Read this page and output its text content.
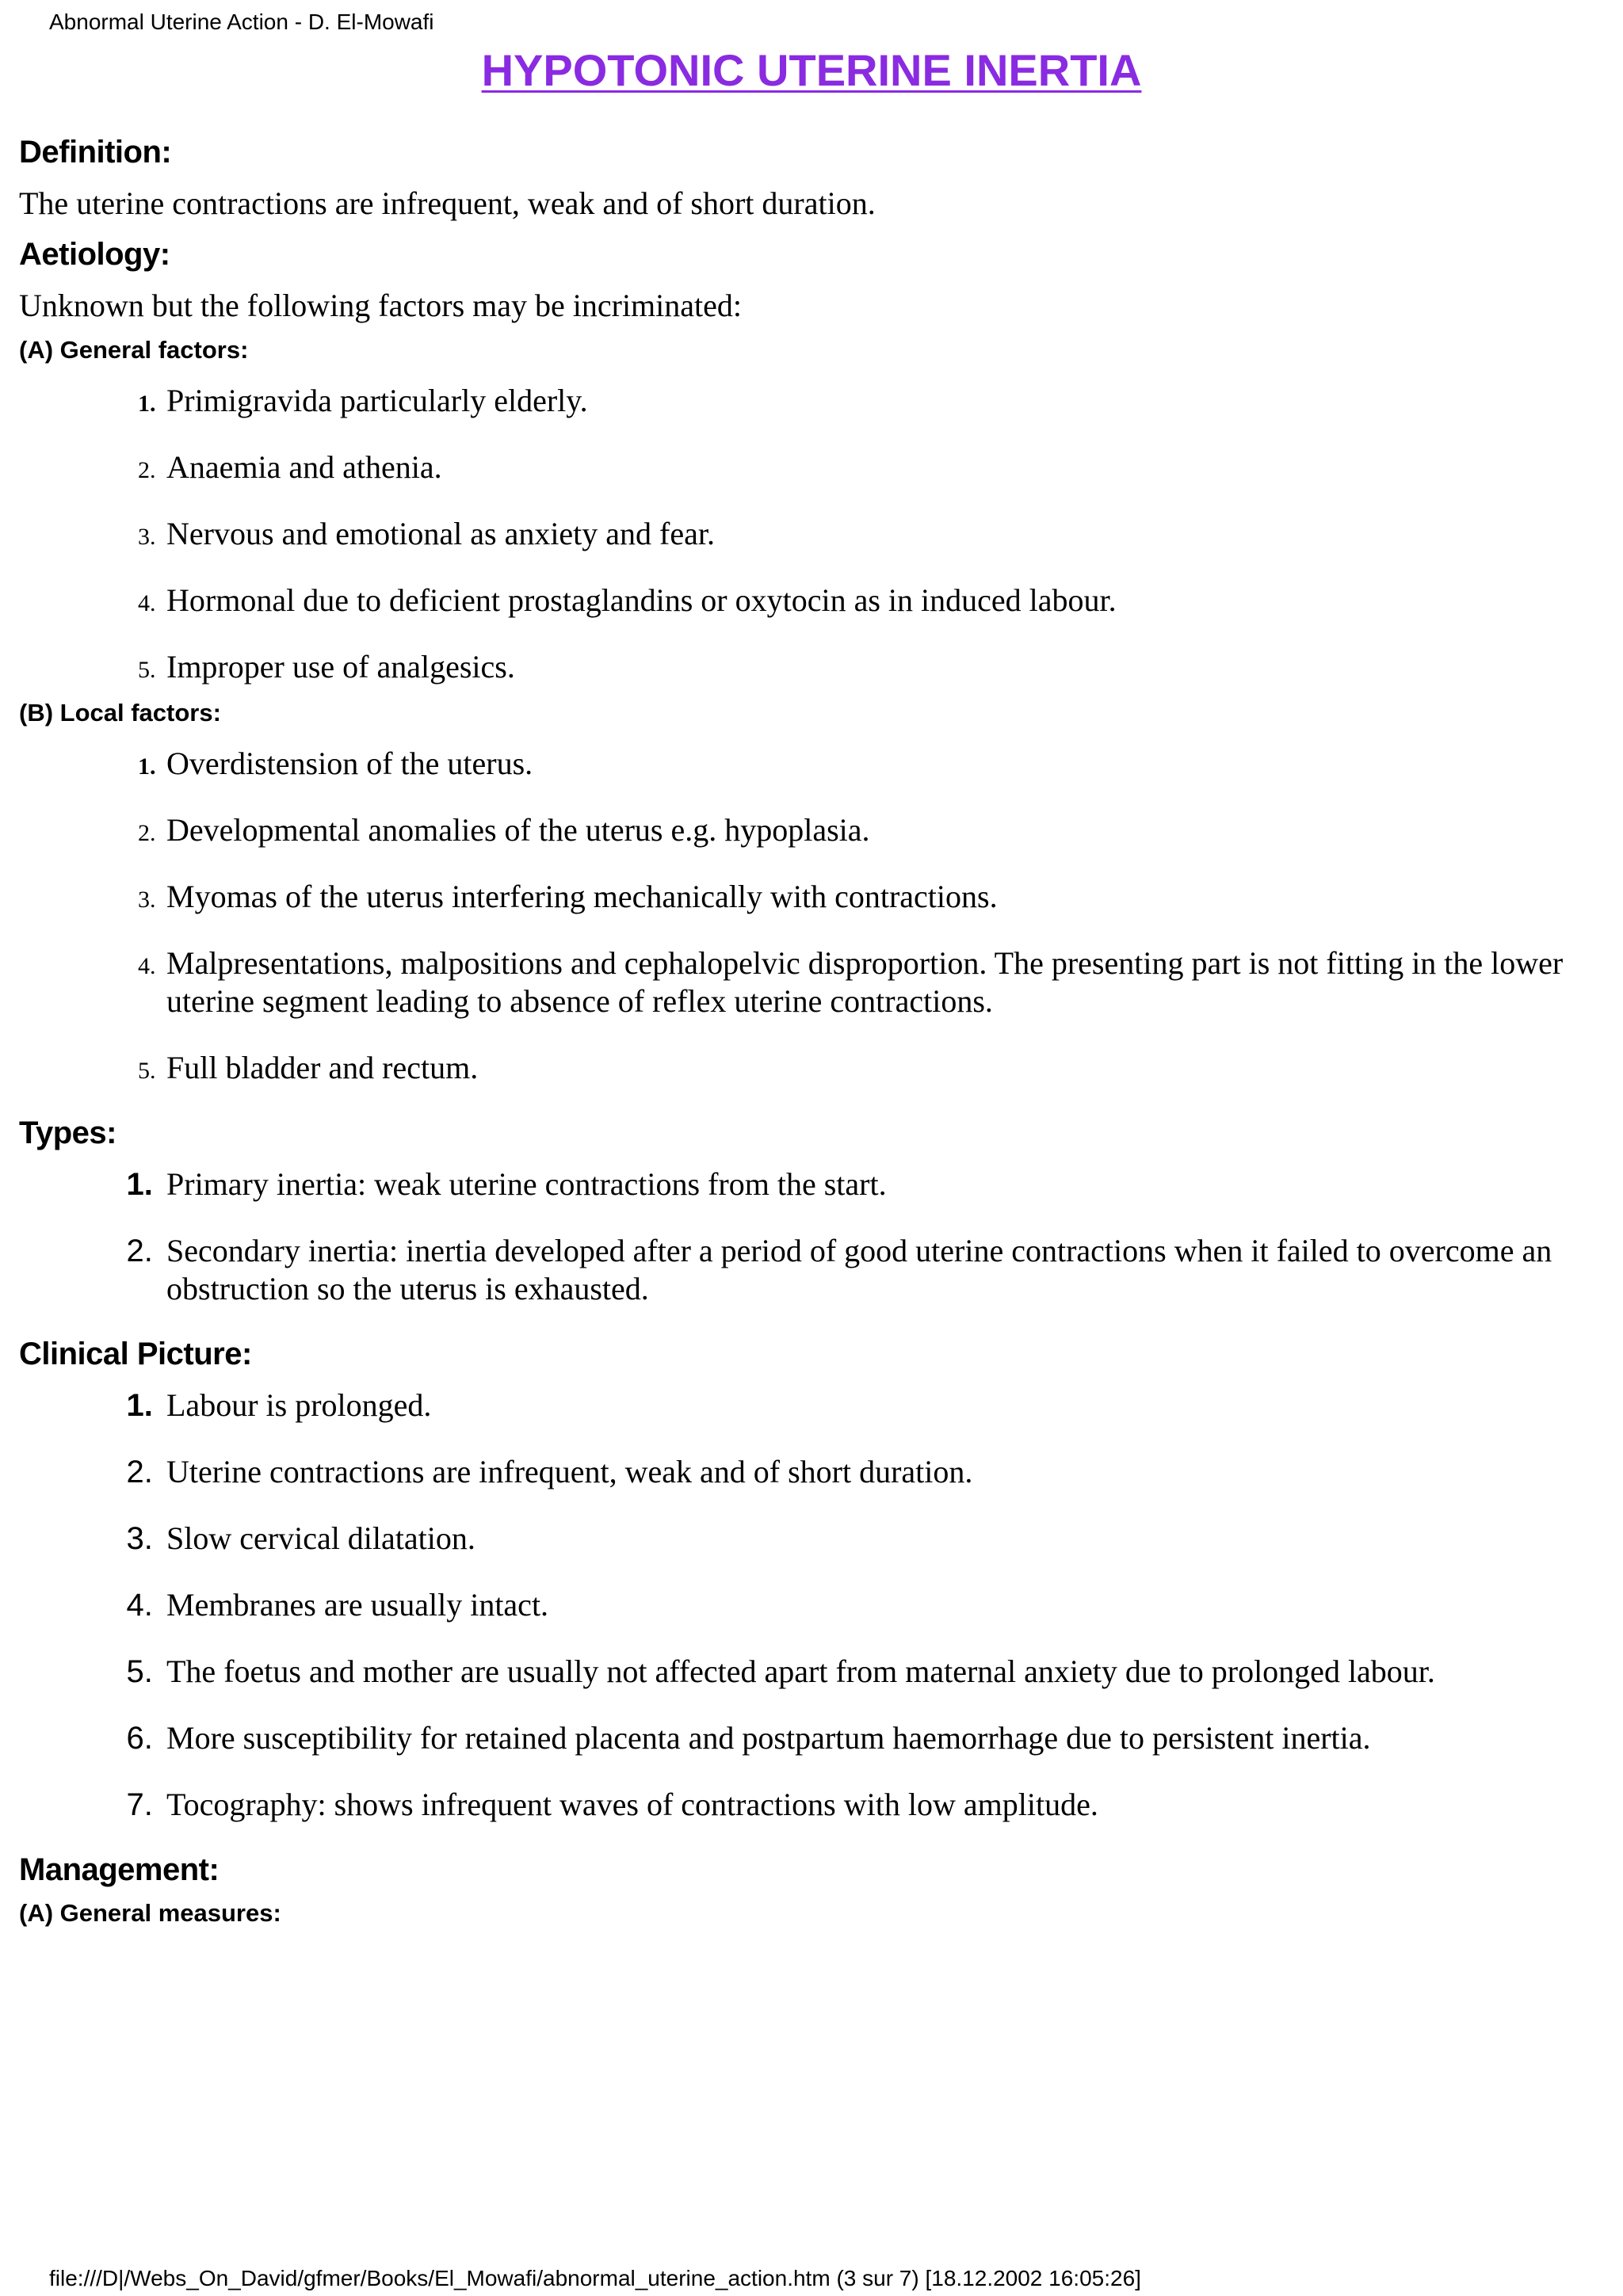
Abnormal Uterine Action - D. El-Mowafi
HYPOTONIC UTERINE INERTIA
Definition:

The uterine contractions are infrequent, weak and of short duration.

Aetiology:

Unknown but the following factors may be incriminated:

(A) General factors:
1. Primigravida particularly elderly.
2. Anaemia and athenia.
3. Nervous and emotional as anxiety and fear.
4. Hormonal due to deficient prostaglandins or oxytocin as in induced labour.
5. Improper use of analgesics.
(B) Local factors:
1. Overdistension of the uterus.
2. Developmental anomalies of the uterus e.g. hypoplasia.
3. Myomas of the uterus interfering mechanically with contractions.
4. Malpresentations, malpositions and cephalopelvic disproportion. The presenting part is not fitting in the lower uterine segment leading to absence of reflex uterine contractions.
5. Full bladder and rectum.
Types:
1. Primary inertia: weak uterine contractions from the start.
2. Secondary inertia: inertia developed after a period of good uterine contractions when it failed to overcome an obstruction so the uterus is exhausted.
Clinical Picture:
1. Labour is prolonged.
2. Uterine contractions are infrequent, weak and of short duration.
3. Slow cervical dilatation.
4. Membranes are usually intact.
5. The foetus and mother are usually not affected apart from maternal anxiety due to prolonged labour.
6. More susceptibility for retained placenta and postpartum haemorrhage due to persistent inertia.
7. Tocography: shows infrequent waves of contractions with low amplitude.
Management:
(A) General measures:
file:///D|/Webs_On_David/gfmer/Books/El_Mowafi/abnormal_uterine_action.htm (3 sur 7) [18.12.2002 16:05:26]
